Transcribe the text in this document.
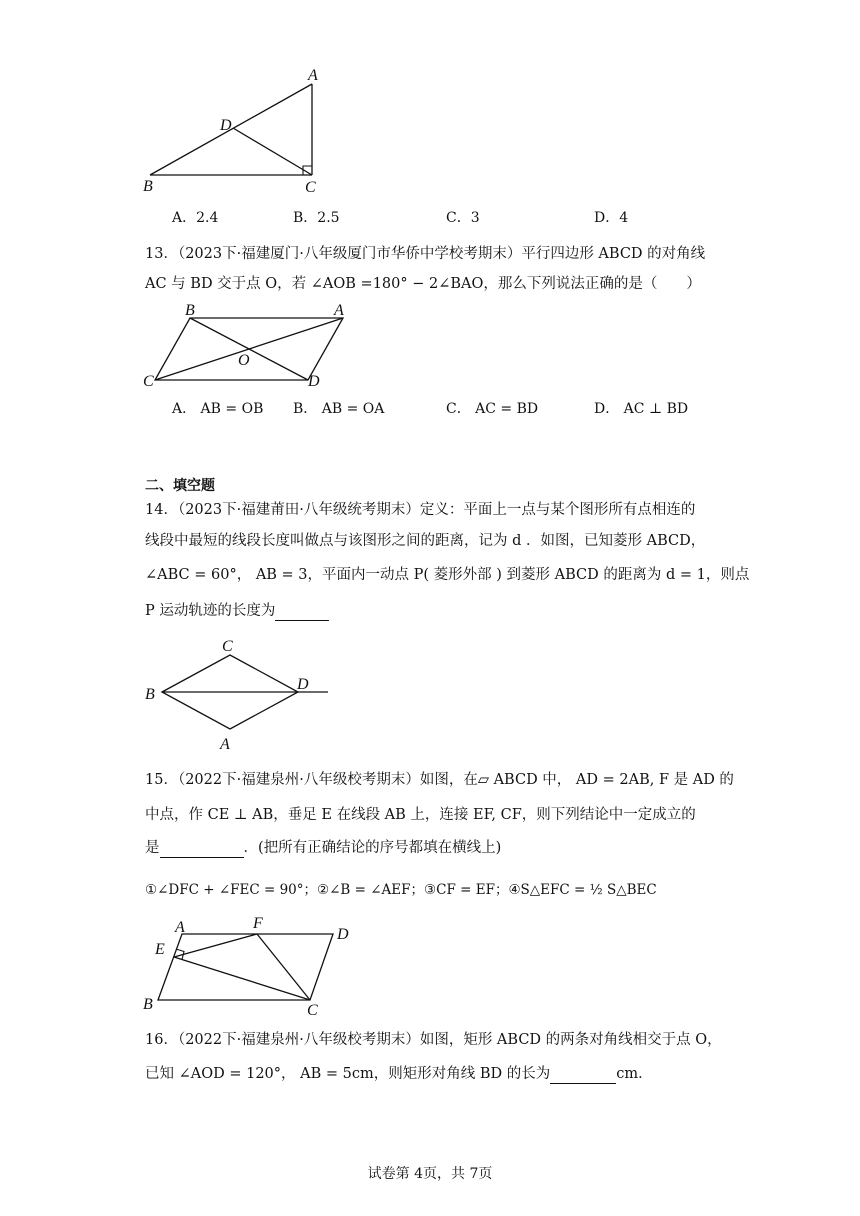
A
D
B	C
A．2.4	B．2.5	C．3	D．4
13．（2023下·福建厦门·八年级厦门市华侨中学校考期末）平行四边形 ABCD 的对角线
AC 与 BD 交于点 O，若 ∠AOB =180° − 2∠BAO，那么下列说法正确的是（　　）
B	A
O
C	D
A． AB = OB B． AB = OA	C． AC = BD	D． AC ⊥ BD
二、填空题
14．（2023下·福建莆田·八年级统考期末）定义：平面上一点与某个图形所有点相连的
线段中最短的线段长度叫做点与该图形之间的距离，记为 d ．如图，已知菱形 ABCD，
∠ABC = 60°， AB = 3，平面内一动点 P( 菱形外部 ) 到菱形 ABCD 的距离为 d = 1，则点
P 运动轨迹的长度为
C
B
D
A
15．（2022下·福建泉州·八年级校考期末）如图，在▱ ABCD 中， AD = 2AB, F 是 AD 的
中点，作 CE ⊥ AB，垂足 E 在线段 AB 上，连接 EF, CF，则下列结论中一定成立的
是	．(把所有正确结论的序号都填在横线上)
①∠DFC + ∠FEC = 90°；②∠B = ∠AEF；③CF = EF；④S△EFC = ½ S△BEC
A	F
D
E
B	C
16．（2022下·福建泉州·八年级校考期末）如图，矩形 ABCD 的两条对角线相交于点 O，
已知 ∠AOD = 120°， AB = 5cm，则矩形对角线 BD 的长为	cm．
试卷第 4页，共 7页
